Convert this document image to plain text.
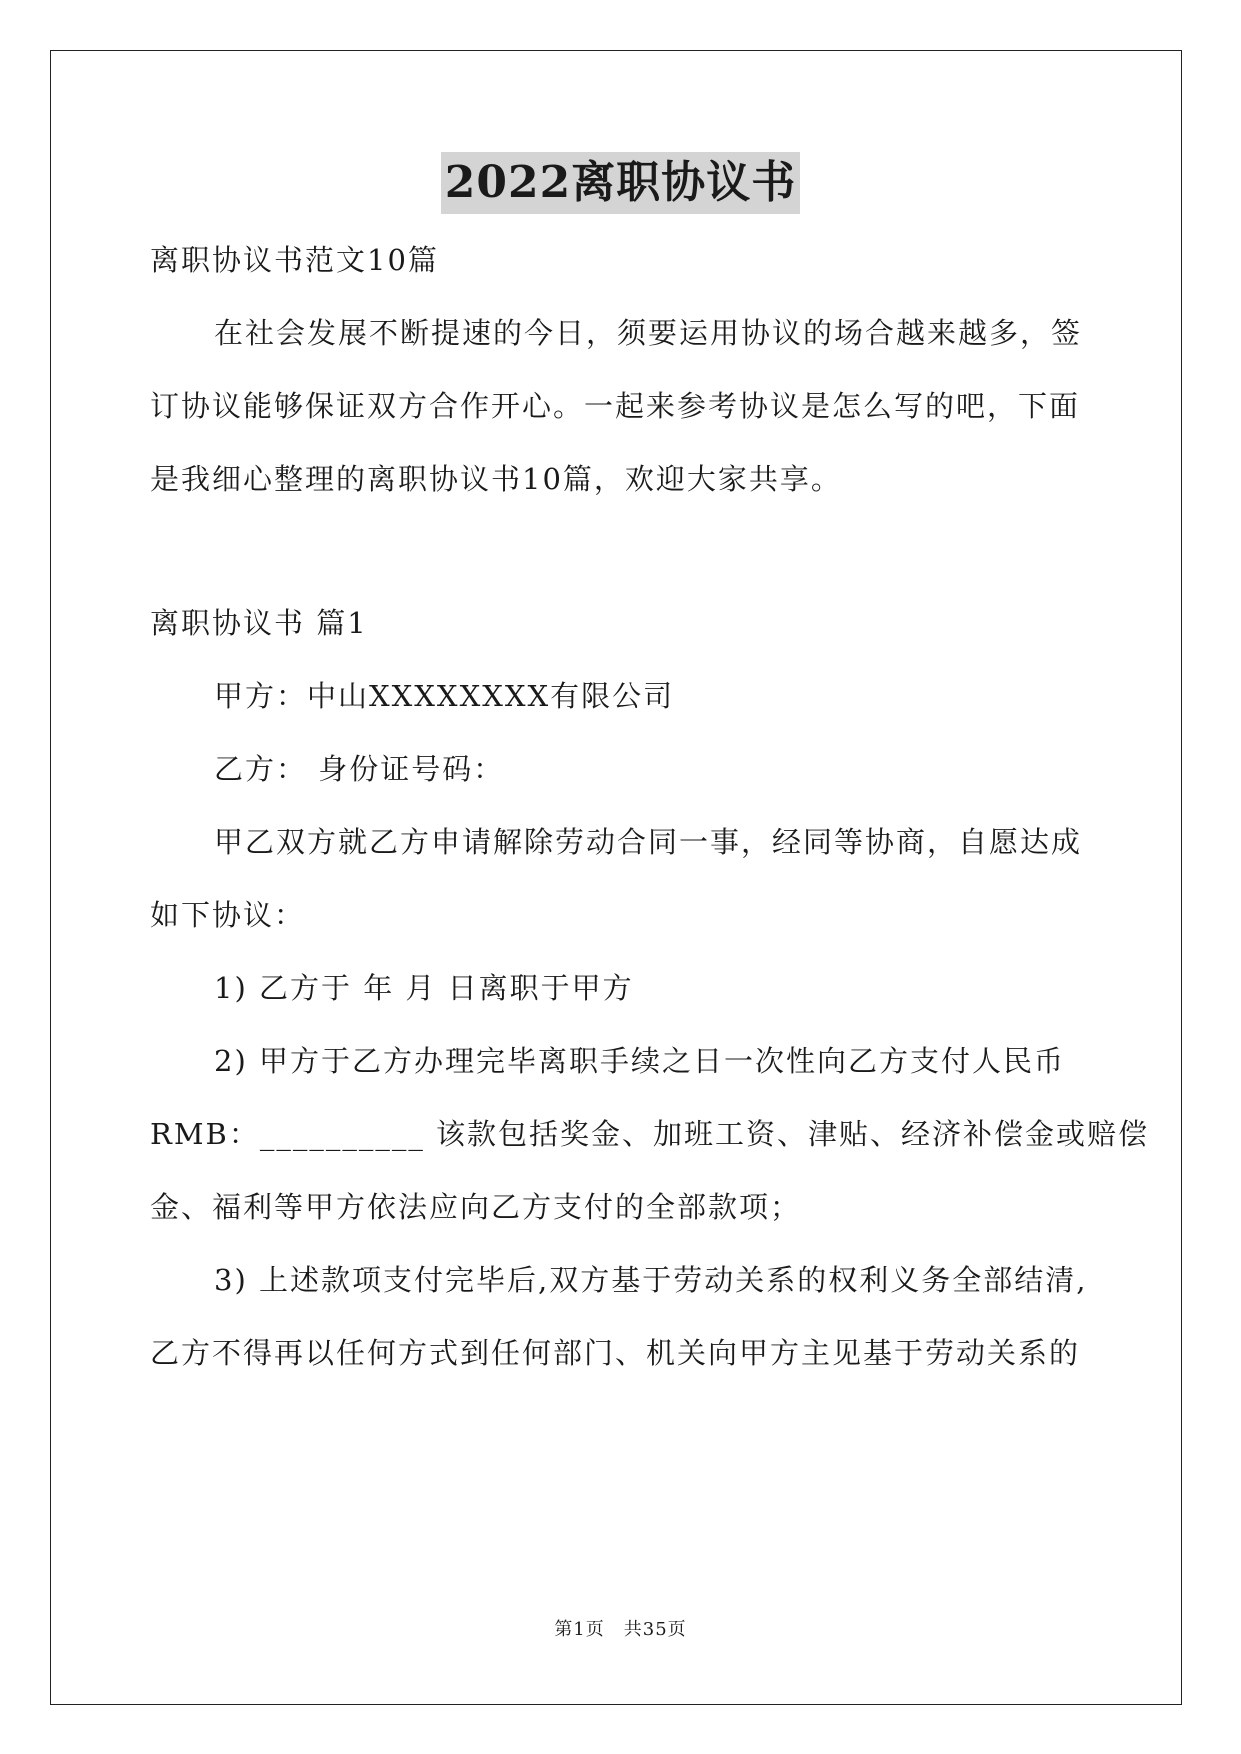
2022离职协议书
离职协议书范文10篇
在社会发展不断提速的今日，须要运用协议的场合越来越多，签
订协议能够保证双方合作开心。一起来参考协议是怎么写的吧，下面
是我细心整理的离职协议书10篇，欢迎大家共享。
离职协议书 篇1
甲方：中山XXXXXXXX有限公司
乙方： 身份证号码：
甲乙双方就乙方申请解除劳动合同一事，经同等协商，自愿达成
如下协议：
1) 乙方于 年 月 日离职于甲方
2) 甲方于乙方办理完毕离职手续之日一次性向乙方支付人民币
RMB：__________ 该款包括奖金、加班工资、津贴、经济补偿金或赔偿
金、福利等甲方依法应向乙方支付的全部款项；
3) 上述款项支付完毕后,双方基于劳动关系的权利义务全部结清,
乙方不得再以任何方式到任何部门、机关向甲方主见基于劳动关系的
第1页　共35页
